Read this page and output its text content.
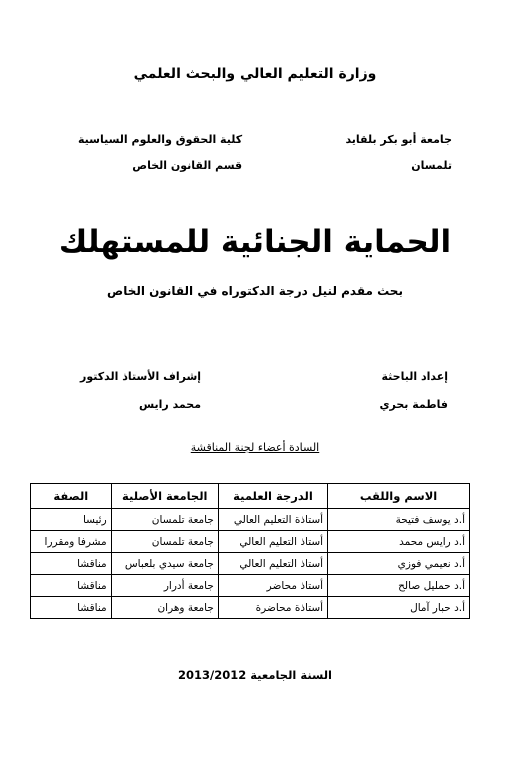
وزارة التعليم العالي والبحث العلمي
جامعة أبو بكر بلقايد
تلمسان
كلية الحقوق والعلوم السياسية
قسم القانون الخاص
الحماية الجنائية للمستهلك
بحث مقدم لنيل درجة الدكتوراه في القانون الخاص
إعداد الباحثة
فاطمة بحري
إشراف الأستاذ الدكتور
محمد رايس
السادة أعضاء لجنة المناقشة
الاسم واللقب	الدرجة العلمية	الجامعة الأصلية	الصفة
أ.د يوسف فتيحة	أستاذة التعليم العالي	جامعة تلمسان	رئيسا
أ.د رايس محمد	أستاذ التعليم العالي	جامعة تلمسان	مشرفا ومقررا
أ.د نعيمي فوزي	أستاذ التعليم العالي	جامعة سيدي بلعباس	مناقشا
أ.د حمليل صالح	أستاذ محاضر	جامعة أدرار	مناقشا
أ.د حبار آمال	أستاذة محاضرة	جامعة وهران	مناقشا
السنة الجامعية 2013/2012
